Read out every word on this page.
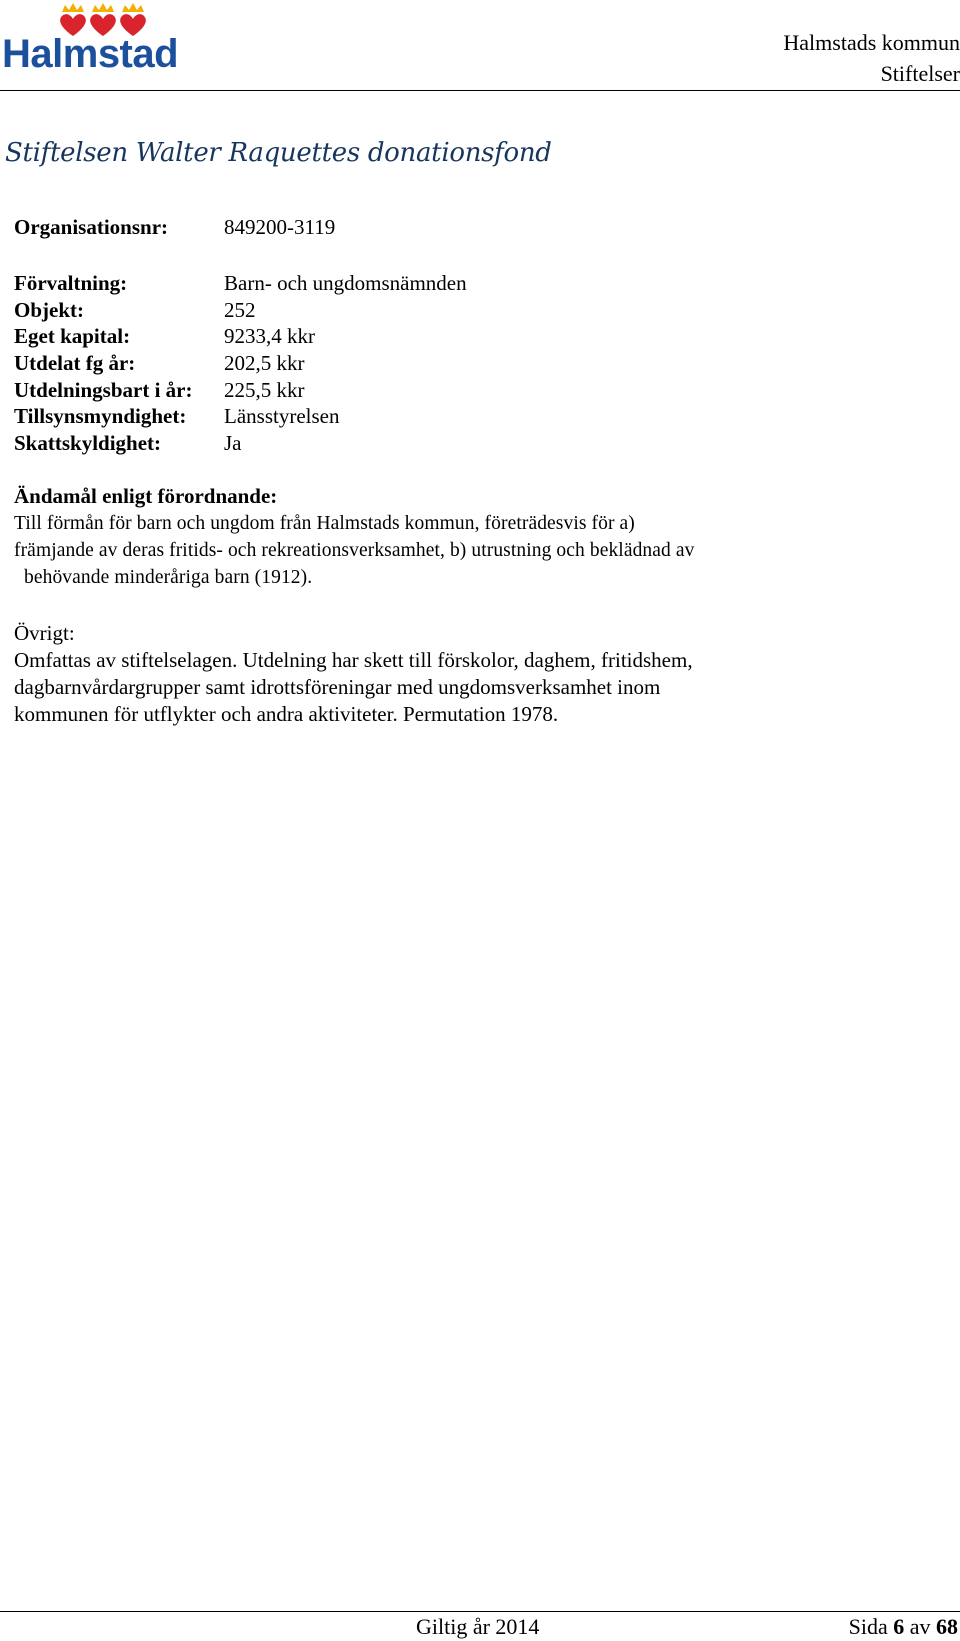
Halmstad	Halmstads kommun
Stiftelser
Stiftelsen Walter Raquettes donationsfond
Organisationsnr:	849200-3119
Förvaltning:	Barn- och ungdomsnämnden
Objekt:	252
Eget kapital:	9233,4 kkr
Utdelat fg år:	202,5 kkr
Utdelningsbart i år: 225,5 kkr
Tillsynsmyndighet: Länsstyrelsen
Skattskyldighet:	Ja
Ändamål enligt förordnande:
Till förmån för barn och ungdom från Halmstads kommun, företrädesvis för a)
främjande av deras fritids- och rekreationsverksamhet, b) utrustning och beklädnad av
behövande minderåriga barn (1912).
Övrigt:
Omfattas av stiftelselagen. Utdelning har skett till förskolor, daghem, fritidshem,
dagbarnvårdargrupper samt idrottsföreningar med ungdomsverksamhet inom
kommunen för utflykter och andra aktiviteter. Permutation 1978.
Giltig år 2014	Sida 6 av 68
